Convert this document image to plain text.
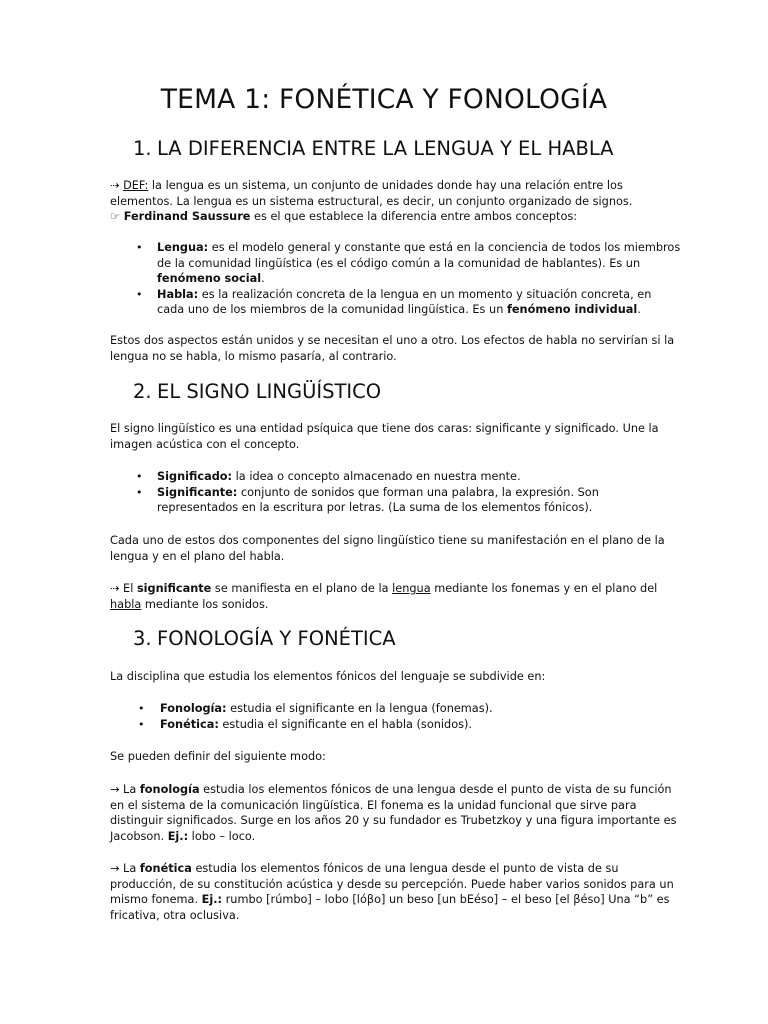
TEMA 1: FONÉTICA Y FONOLOGÍA
1. LA DIFERENCIA ENTRE LA LENGUA Y EL HABLA

⇢ DEF: la lengua es un sistema, un conjunto de unidades donde hay una relación entre los
elementos. La lengua es un sistema estructural, es decir, un conjunto organizado de signos.
☞ Ferdinand Saussure es el que establece la diferencia entre ambos conceptos:

• Lengua: es el modelo general y constante que está en la conciencia de todos los miembros
de la comunidad lingüística (es el código común a la comunidad de hablantes). Es un
fenómeno social.
• Habla: es la realización concreta de la lengua en un momento y situación concreta, en
cada uno de los miembros de la comunidad lingüística. Es un fenómeno individual.

Estos dos aspectos están unidos y se necesitan el uno a otro. Los efectos de habla no servirían si la
lengua no se habla, lo mismo pasaría, al contrario.

2. EL SIGNO LINGÜÍSTICO

El signo lingüístico es una entidad psíquica que tiene dos caras: significante y significado. Une la
imagen acústica con el concepto.

• Significado: la idea o concepto almacenado en nuestra mente.
• Significante: conjunto de sonidos que forman una palabra, la expresión. Son
representados en la escritura por letras. (La suma de los elementos fónicos).

Cada uno de estos dos componentes del signo lingüístico tiene su manifestación en el plano de la
lengua y en el plano del habla.

⇢ El significante se manifiesta en el plano de la lengua mediante los fonemas y en el plano del
habla mediante los sonidos.

3. FONOLOGÍA Y FONÉTICA

La disciplina que estudia los elementos fónicos del lenguaje se subdivide en:

• Fonología: estudia el significante en la lengua (fonemas).
• Fonética: estudia el significante en el habla (sonidos).

Se pueden definir del siguiente modo:

→ La fonología estudia los elementos fónicos de una lengua desde el punto de vista de su función
en el sistema de la comunicación lingüística. El fonema es la unidad funcional que sirve para
distinguir significados. Surge en los años 20 y su fundador es Trubetzkoy y una figura importante es
Jacobson. Ej.: lobo – loco.

→ La fonética estudia los elementos fónicos de una lengua desde el punto de vista de su
producción, de su constitución acústica y desde su percepción. Puede haber varios sonidos para un
mismo fonema. Ej.: rumbo [rúmbo] – lobo [lóβo] un beso [un bEéso] – el beso [el βéso] Una “b” es
fricativa, otra oclusiva.
